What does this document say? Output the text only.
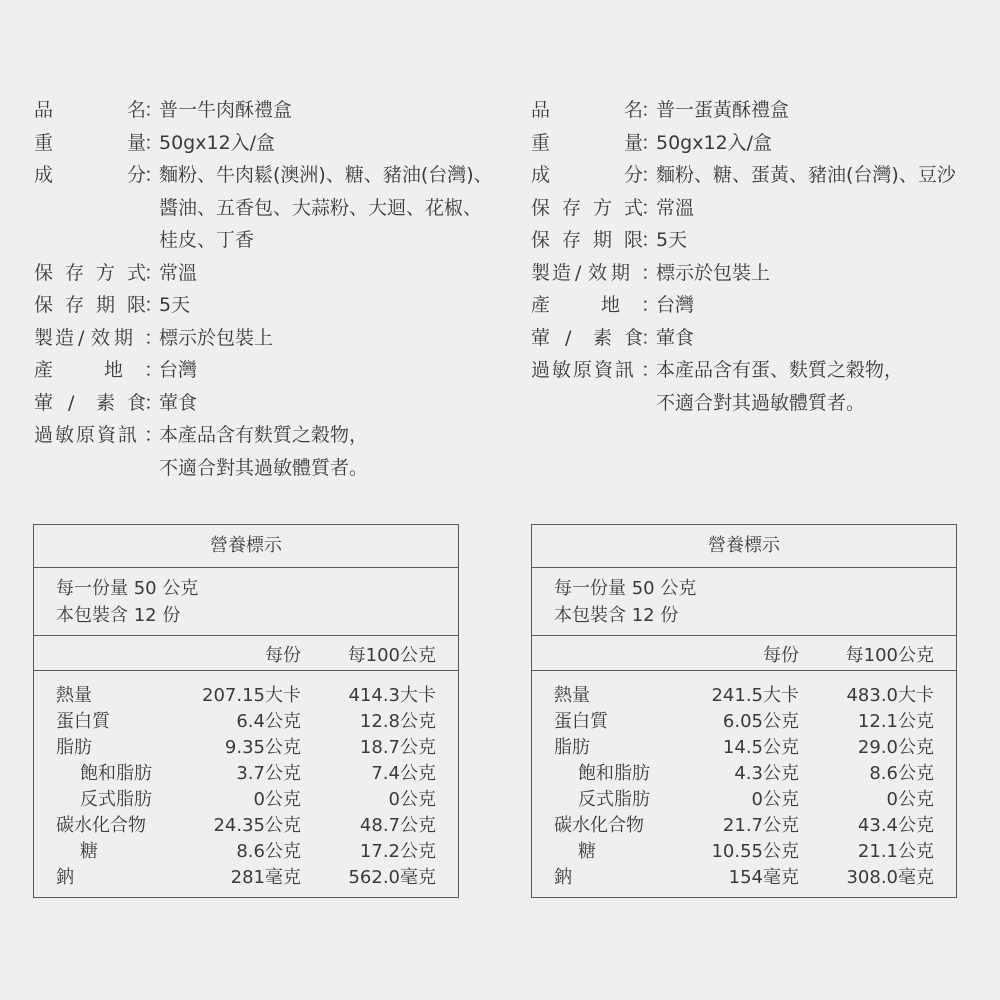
品	名
：
普一牛肉酥禮盒
重	量
：
50gx12入/盒
成	分
：
麵粉、牛肉鬆(澳洲)、糖、豬油(台灣)、
醬油、五香包、大蒜粉、大迴、花椒、
桂皮、丁香
保 存 方 式
：
常溫
保 存 期 限
：
5天
製 造 / 效 期 ：
標示於包裝上
產	地 ：
台灣
葷 / 素 食
：
葷食
過 敏 原 資 訊 ：
本產品含有麩質之穀物，
不適合對其過敏體質者。
品	名
：
普一蛋黃酥禮盒
重	量
：
50gx12入/盒
成	分
：
麵粉、糖、蛋黃、豬油(台灣)、豆沙
保 存 方 式
：
常溫
保 存 期 限
：
5天
製 造 / 效 期 ：
標示於包裝上
產	地 ：
台灣
葷 / 素 食
：
葷食
過 敏 原 資 訊 ：
本產品含有蛋、麩質之穀物，
不適合對其過敏體質者。
營養標示
每一份量 50 公克
本包裝含 12 份
每份	每100公克
熱量	207.15大卡	414.3大卡
蛋白質	6.4公克	12.8公克
脂肪	9.35公克	18.7公克
飽和脂肪	3.7公克	7.4公克
反式脂肪	0公克	0公克
碳水化合物	24.35公克	48.7公克
糖	8.6公克	17.2公克
鈉	281毫克	562.0毫克
營養標示
每一份量 50 公克
本包裝含 12 份
每份	每100公克
熱量	241.5大卡	483.0大卡
蛋白質	6.05公克	12.1公克
脂肪	14.5公克	29.0公克
飽和脂肪	4.3公克	8.6公克
反式脂肪	0公克	0公克
碳水化合物	21.7公克	43.4公克
糖	10.55公克	21.1公克
鈉	154毫克	308.0毫克
